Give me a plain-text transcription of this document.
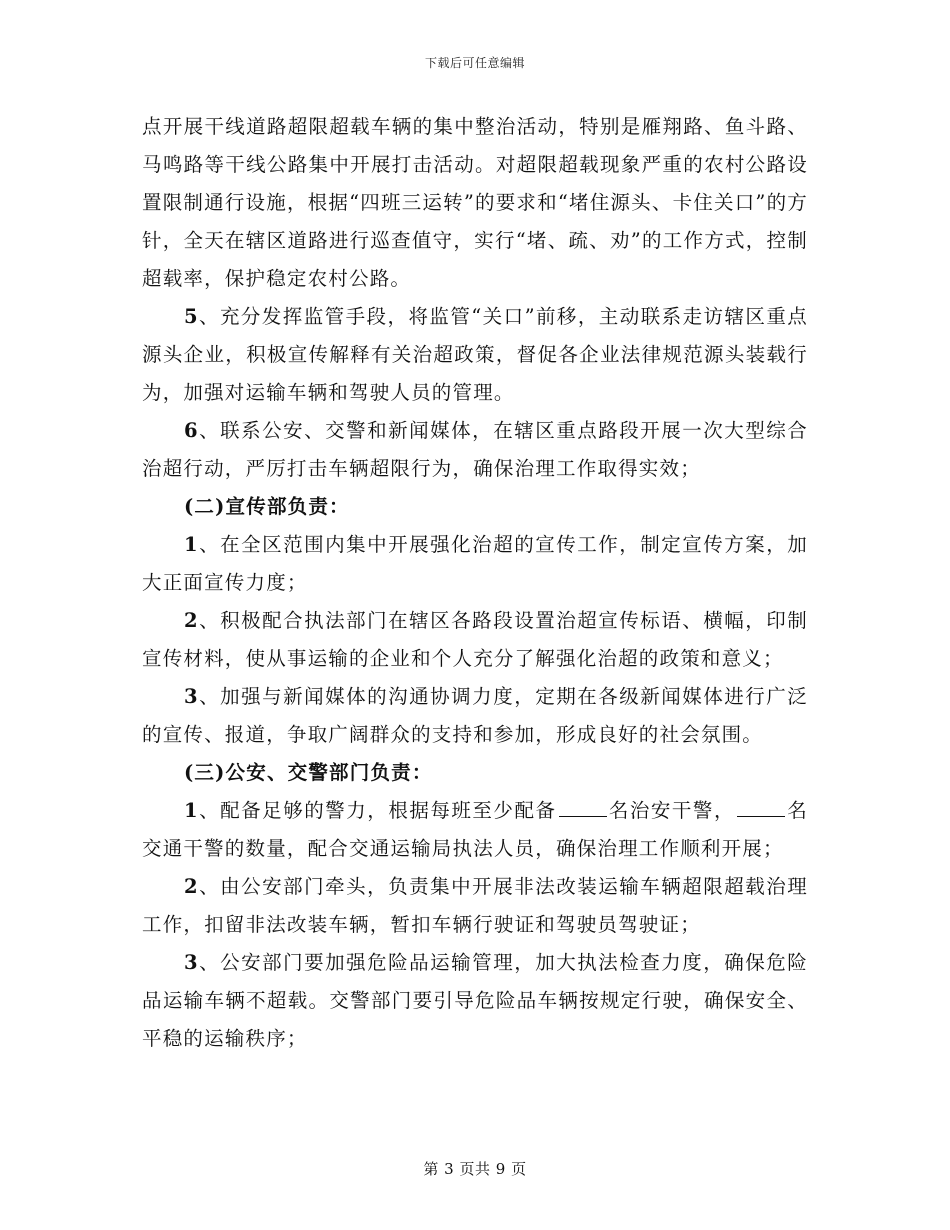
下载后可任意编辑

点开展干线道路超限超载车辆的集中整治活动，特别是雁翔路、鱼斗路、马鸣路等干线公路集中开展打击活动。对超限超载现象严重的农村公路设置限制通行设施，根据“四班三运转”的要求和“堵住源头、卡住关口”的方针，全天在辖区道路进行巡查值守，实行“堵、疏、劝”的工作方式，控制超载率，保护稳定农村公路。

5、充分发挥监管手段，将监管“关口”前移，主动联系走访辖区重点源头企业，积极宣传解释有关治超政策，督促各企业法律规范源头装载行为，加强对运输车辆和驾驶人员的管理。

6、联系公安、交警和新闻媒体，在辖区重点路段开展一次大型综合治超行动，严厉打击车辆超限行为，确保治理工作取得实效；

(二)宣传部负责：

1、在全区范围内集中开展强化治超的宣传工作，制定宣传方案，加大正面宣传力度；

2、积极配合执法部门在辖区各路段设置治超宣传标语、横幅，印制宣传材料，使从事运输的企业和个人充分了解强化治超的政策和意义；

3、加强与新闻媒体的沟通协调力度，定期在各级新闻媒体进行广泛的宣传、报道，争取广阔群众的支持和参加，形成良好的社会氛围。

(三)公安、交警部门负责：

1、配备足够的警力，根据每班至少配备	名治安干警，	名交通干警的数量，配合交通运输局执法人员，确保治理工作顺利开展；

2、由公安部门牵头，负责集中开展非法改装运输车辆超限超载治理工作，扣留非法改装车辆，暂扣车辆行驶证和驾驶员驾驶证；

3、公安部门要加强危险品运输管理，加大执法检查力度，确保危险品运输车辆不超载。交警部门要引导危险品车辆按规定行驶，确保安全、平稳的运输秩序；

第 3 页共 9 页
